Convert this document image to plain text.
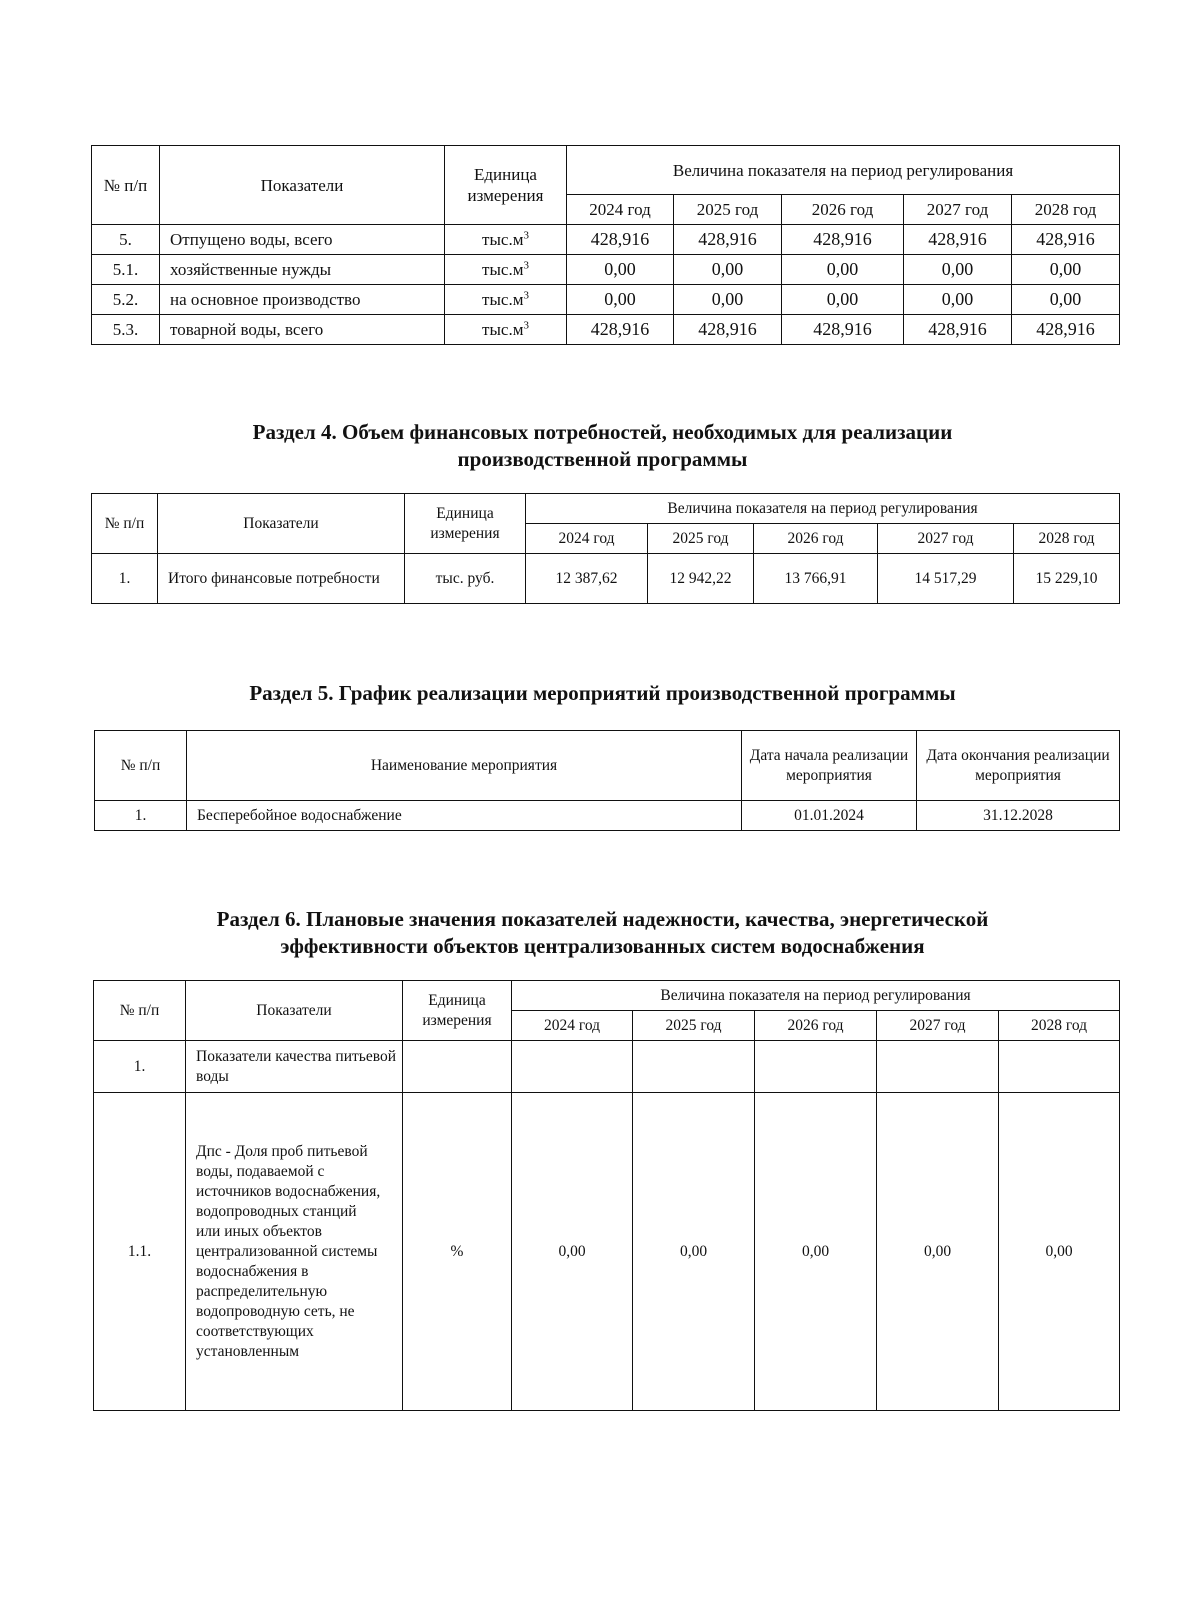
№ п/п	Показатели	Единица измерения	Величина показателя на период регулирования				
			2024 год	2025 год	2026 год	2027 год	2028 год
5.	Отпущено воды, всего	$тыс.м^3$	428,916	428,916	428,916	428,916	428,916
5.1.	хозяйственные нужды	$тыс.м^3$	0,00	0,00	0,00	0,00	0,00
5.2.	на основное производство	$тыс.м^3$	0,00	0,00	0,00	0,00	0,00
5.3.	товарной воды, всего	$тыс.м^3$	428,916	428,916	428,916	428,916	428,916
Раздел 4. Объем финансовых потребностей, необходимых для реализации
производственной программы
№ п/п	Показатели	Единица измерения	Величина показателя на период регулирования				
			2024 год	2025 год	2026 год	2027 год	2028 год
1.	Итого финансовые потребности	тыс. руб.	12 387,62	12 942,22	13 766,91	14 517,29	15 229,10
Раздел 5. График реализации мероприятий производственной программы
№ п/п	Наименование мероприятия	Дата начала реализации мероприятия	Дата окончания реализации мероприятия
1.	Бесперебойное водоснабжение	01.01.2024	31.12.2028
Раздел 6. Плановые значения показателей надежности, качества, энергетической
эффективности объектов централизованных систем водоснабжения
№ п/п	Показатели	Единица измерения	Величина показателя на период регулирования				
			2024 год	2025 год	2026 год	2027 год	2028 год
1.	Показатели качества питьевой воды						
1.1.	Дпс - Доля проб питьевой воды, подаваемой с источников водоснабжения, водопроводных станций или иных объектов централизованной системы водоснабжения в распределительную водопроводную сеть, не соответствующих установленным	%	0,00	0,00	0,00	0,00	0,00
